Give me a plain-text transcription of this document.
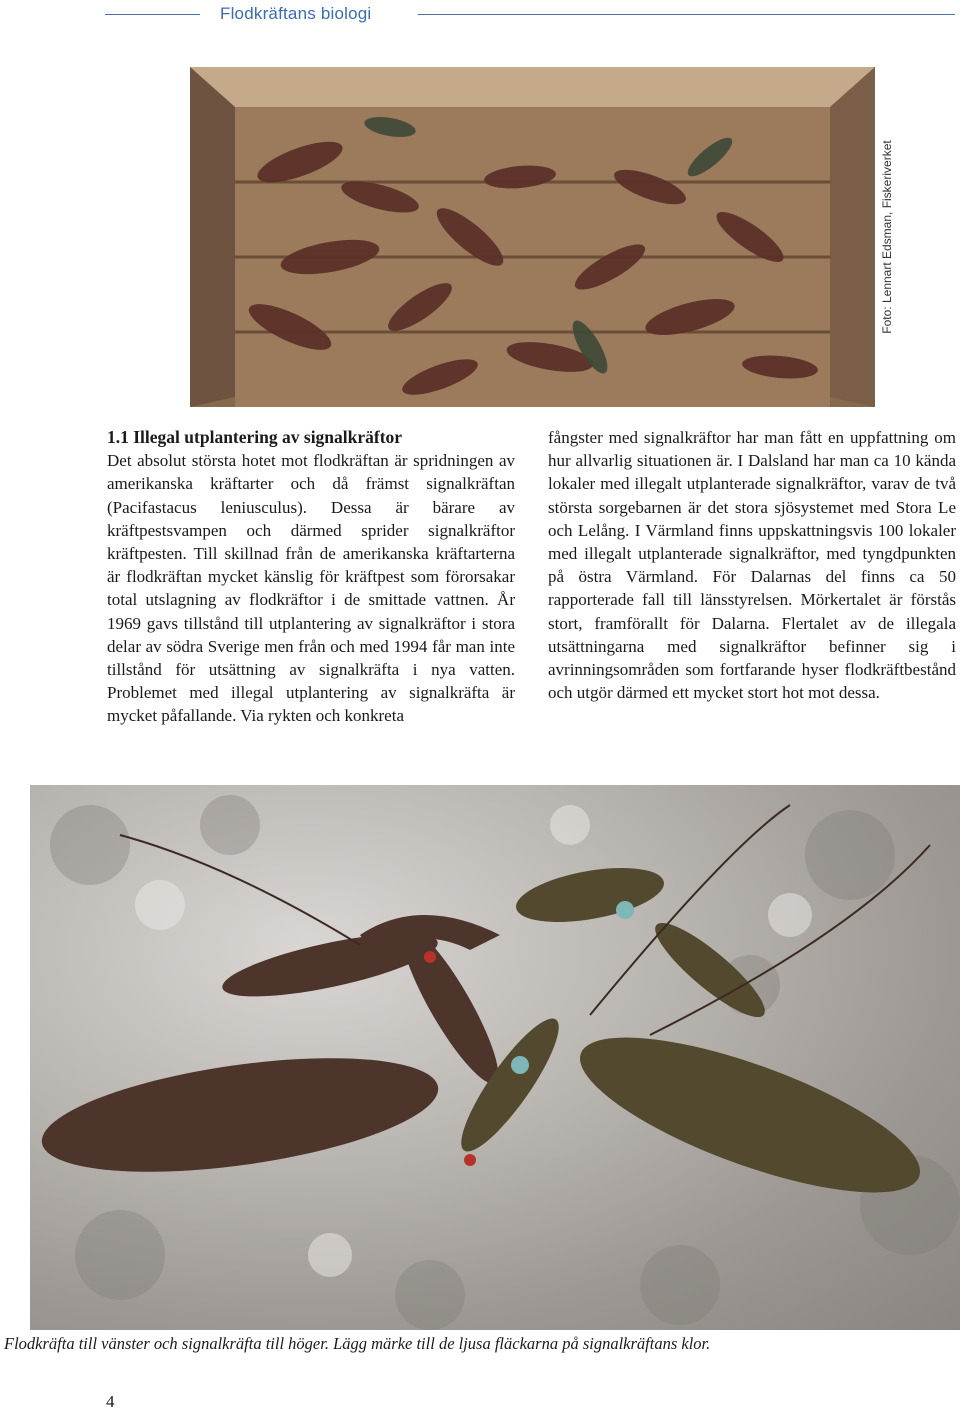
Flodkräftans biologi
Foto: Lennart Edsman, Fiskeriverket
1.1 Illegal utplantering av signalkräftor

Det absolut största hotet mot flodkräftan är spridningen av amerikanska kräftarter och då främst signalkräftan (Pacifastacus leniusculus). Dessa är bärare av kräftpestsvampen och därmed sprider signalkräftor kräftpesten. Till skillnad från de amerikanska kräftarterna är flodkräftan mycket känslig för kräftpest som förorsakar total utslagning av flodkräftor i de smittade vattnen. År 1969 gavs tillstånd till utplantering av signalkräftor i stora delar av södra Sverige men från och med 1994 får man inte tillstånd för utsättning av signalkräfta i nya vatten. Problemet med illegal utplantering av signalkräfta är mycket påfallande. Via rykten och konkreta

fångster med signalkräftor har man fått en uppfattning om hur allvarlig situationen är. I Dalsland har man ca 10 kända lokaler med illegalt utplanterade signalkräftor, varav de två största sorgebarnen är det stora sjösystemet med Stora Le och Lelång. I Värmland finns uppskattningsvis 100 lokaler med illegalt utplanterade signalkräftor, med tyngdpunkten på östra Värmland. För Dalarnas del finns ca 50 rapporterade fall till länsstyrelsen. Mörkertalet är förstås stort, framförallt för Dalarna. Flertalet av de illegala utsättningarna med signalkräftor befinner sig i avrinningsområden som fortfarande hyser flodkräftbestånd och utgör därmed ett mycket stort hot mot dessa.

Flodkräfta till vänster och signalkräfta till höger. Lägg märke till de ljusa fläckarna på signalkräftans klor.
4
